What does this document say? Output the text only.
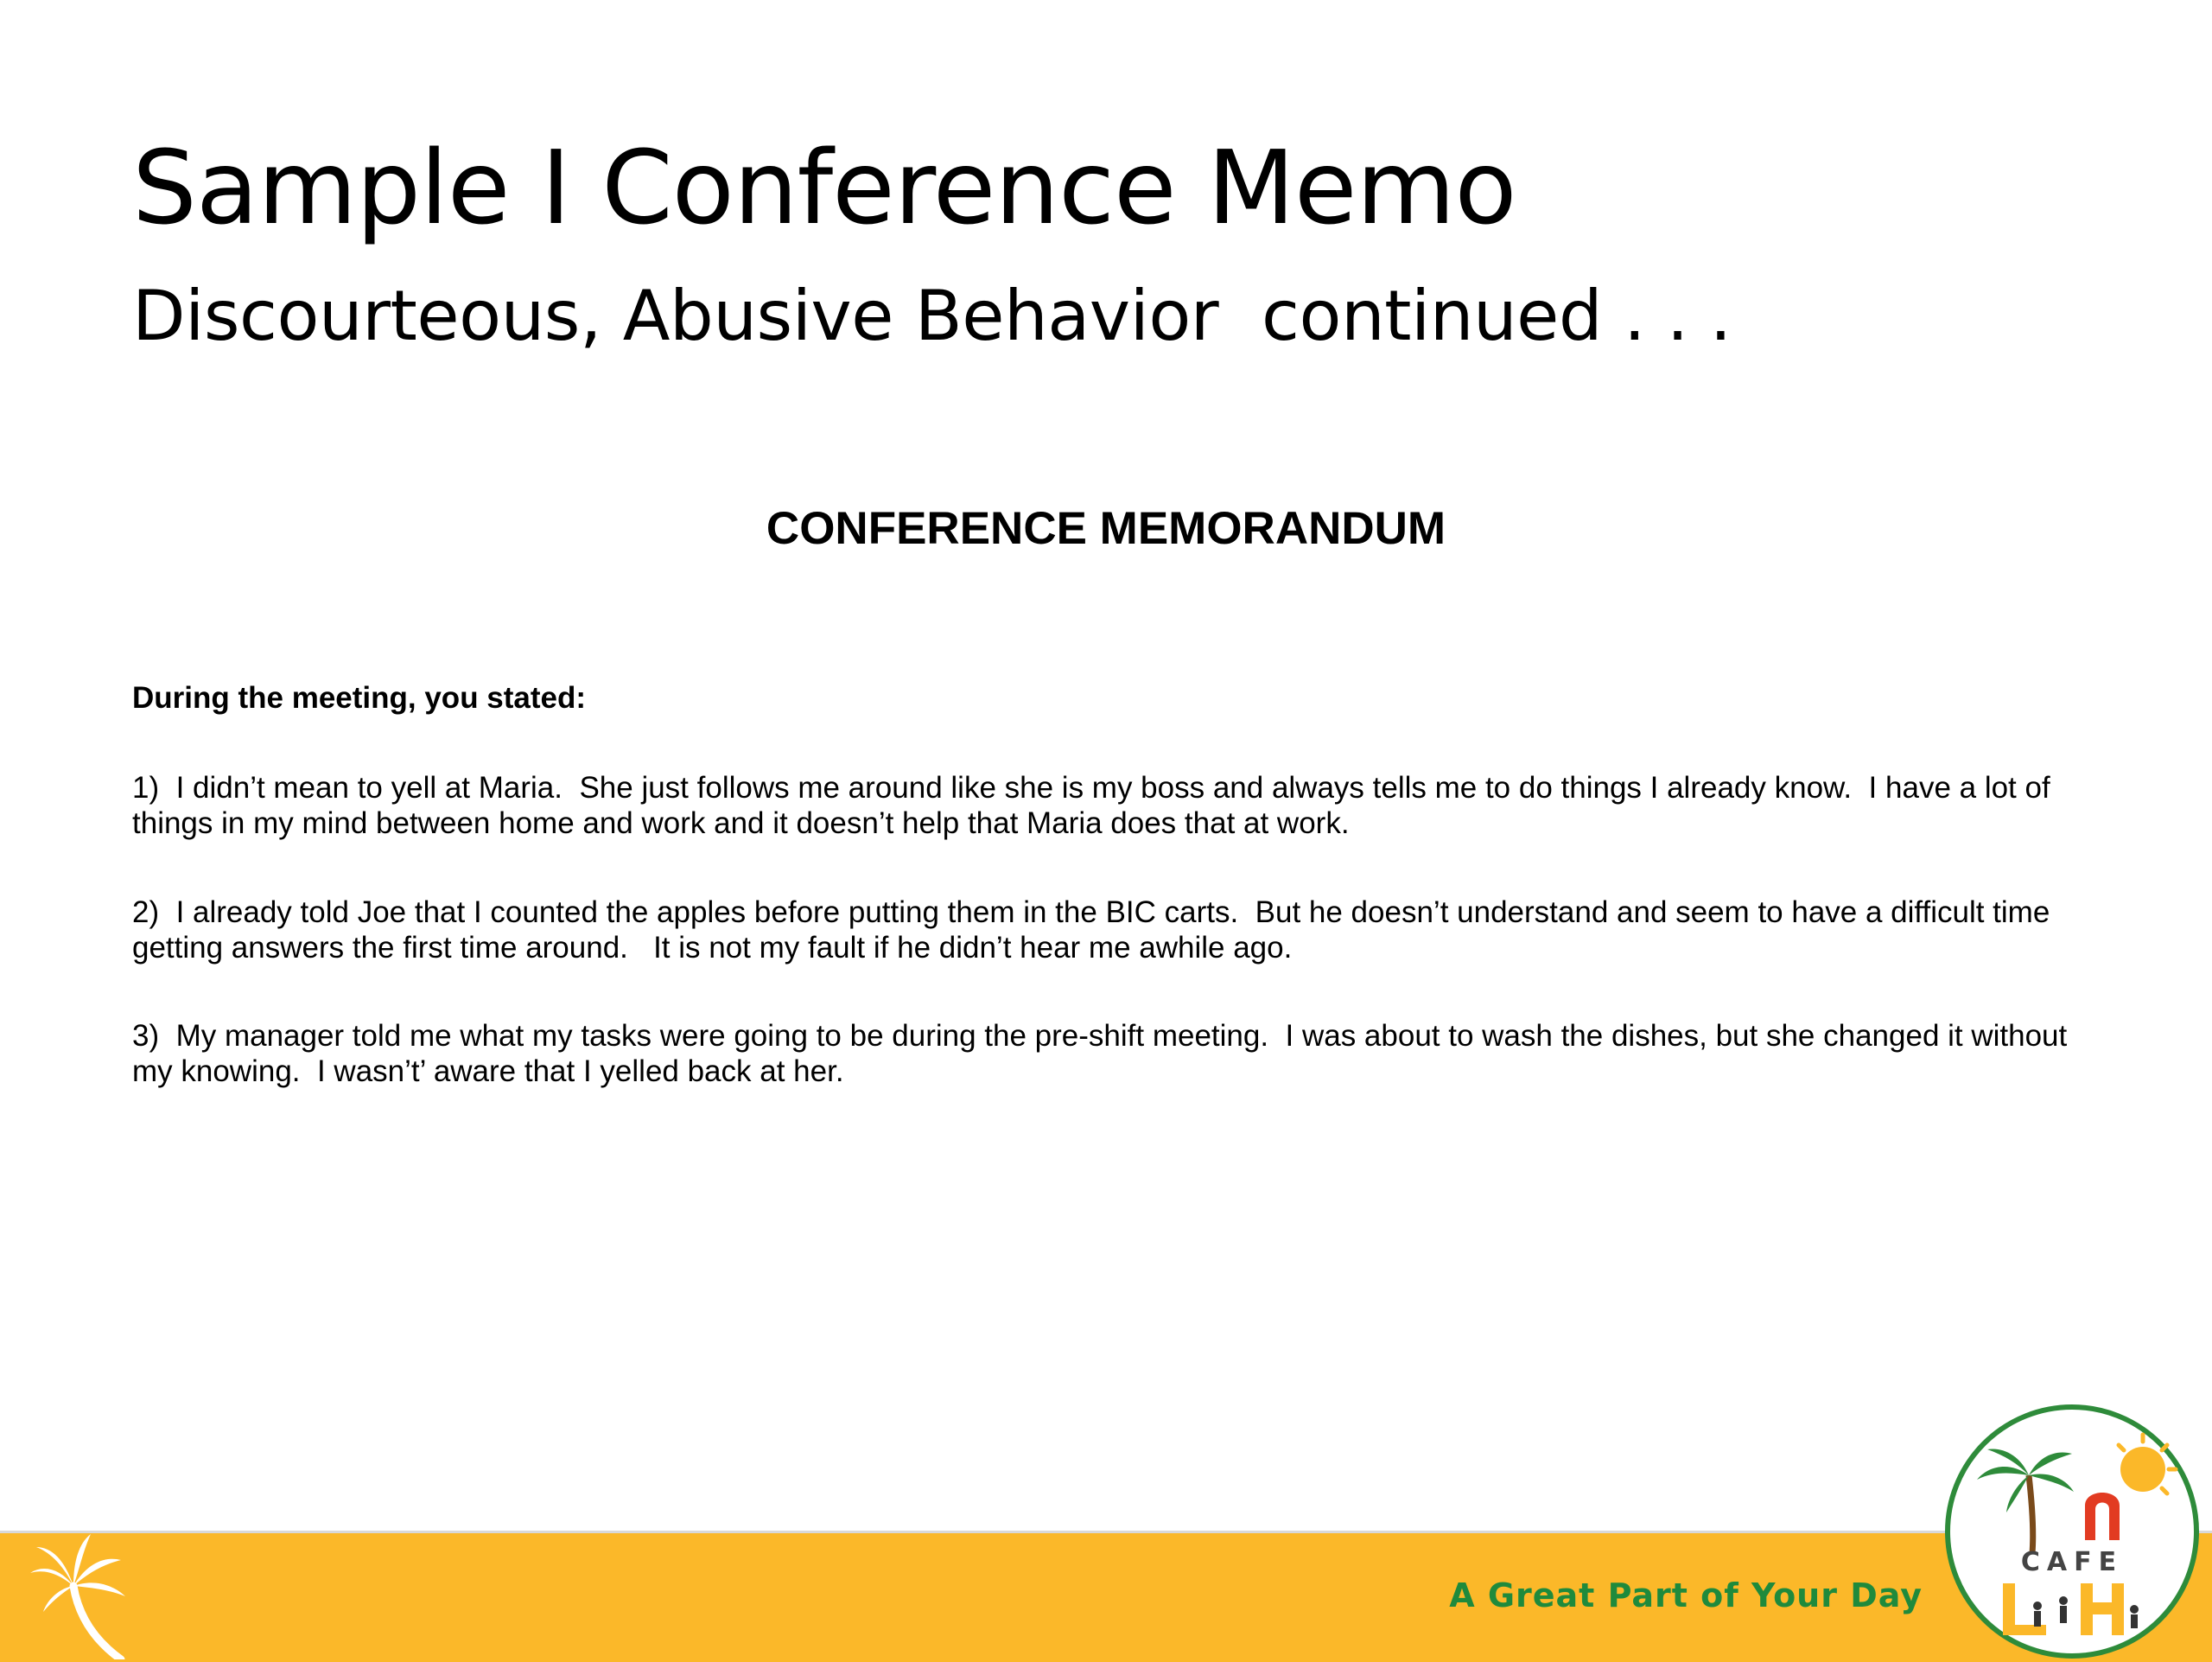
Sample I Conference Memo
Discourteous, Abusive Behavior  continued . . .

CONFERENCE MEMORANDUM

During the meeting, you stated:

1)  I didn’t mean to yell at Maria.  She just follows me around like she is my boss and always tells me to do things I already know.  I have a lot of things in my mind between home and work and it doesn’t help that Maria does that at work.

2)  I already told Joe that I counted the apples before putting them in the BIC carts.  But he doesn’t understand and seem to have a difficult time getting answers the first time around.   It is not my fault if he didn’t hear me awhile ago.

3)  My manager told me what my tasks were going to be during the pre-shift meeting.  I was about to wash the dishes, but she changed it without my knowing.  I wasn’t’ aware that I yelled back at her.

A Great Part of Your Day
CAFE
